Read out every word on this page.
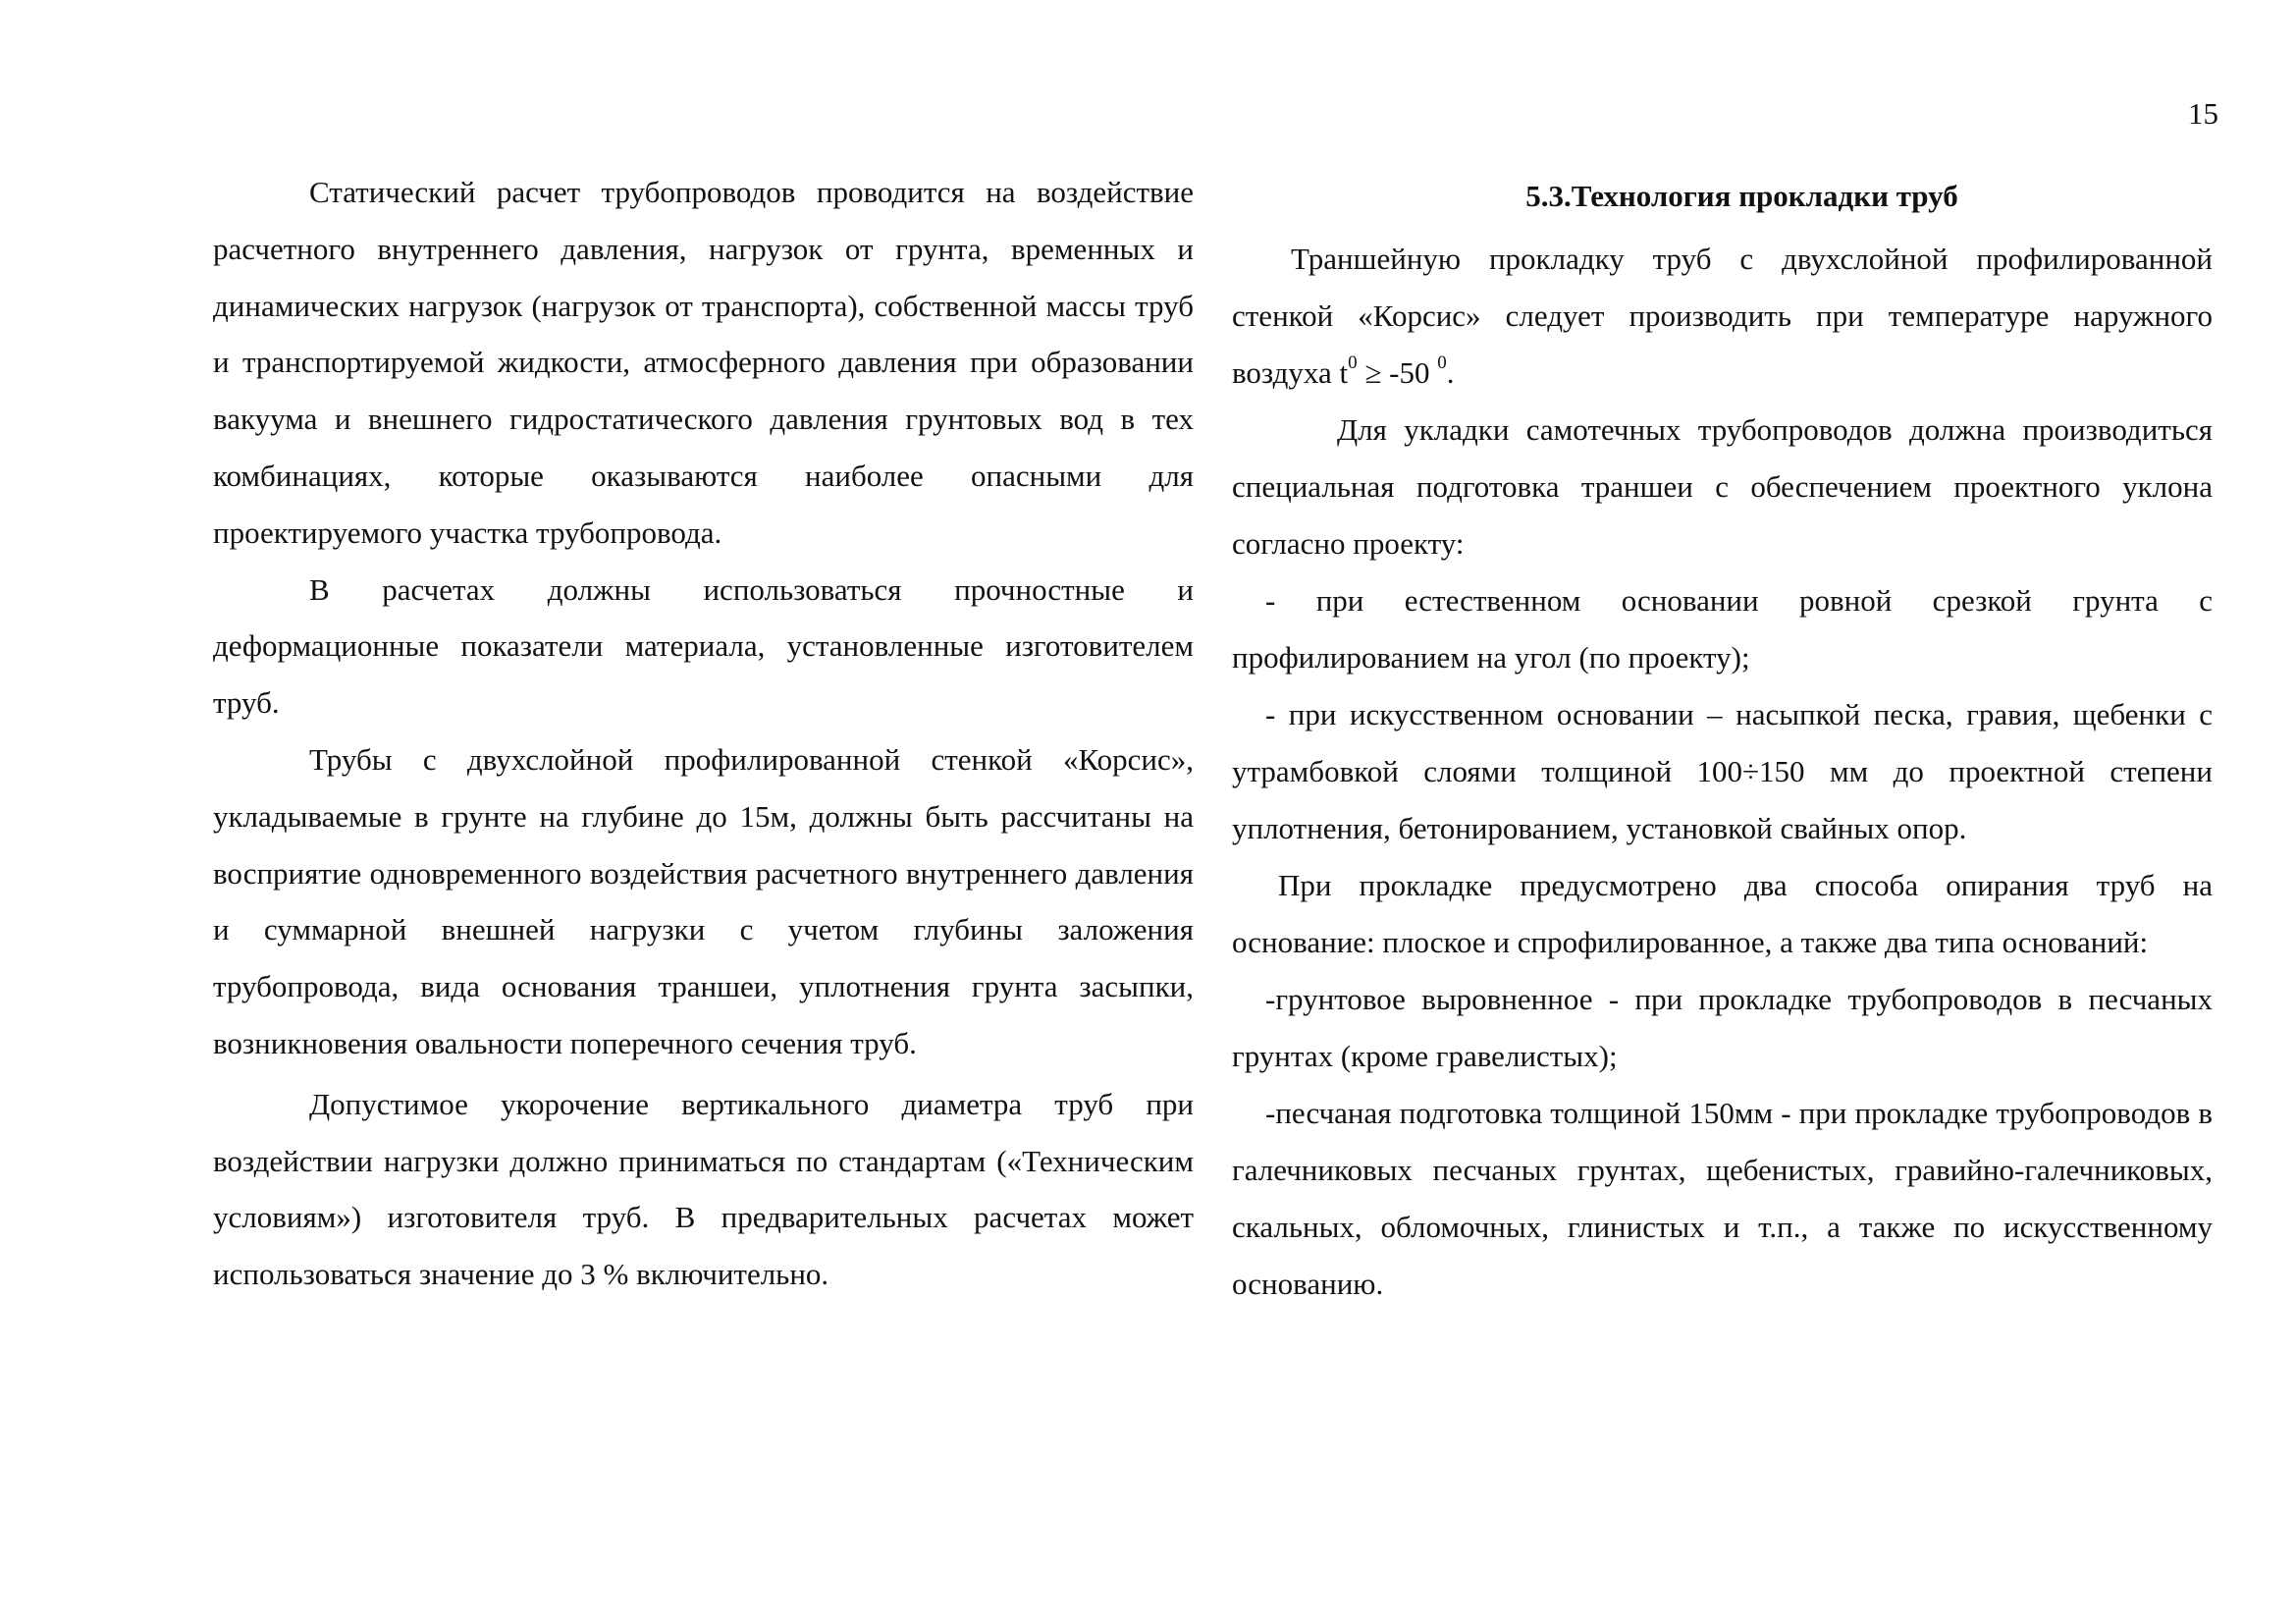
15

Статический расчет трубопроводов проводится на воздействие расчетного внутреннего давления, нагрузок от грунта, временных и динамических нагрузок (нагрузок от транспорта), собственной массы труб и транспортируемой жидкости, атмосферного давления при образовании вакуума и внешнего гидростатического давления грунтовых вод в тех комбинациях, которые оказываются наиболее опасными для проектируемого участка трубопровода.

В расчетах должны использоваться прочностные и деформационные показатели материала, установленные изготовителем труб.

Трубы с двухслойной профилированной стенкой «Корсис», укладываемые в грунте на глубине до 15м, должны быть рассчитаны на восприятие одновременного воздействия расчетного внутреннего давления и суммарной внешней нагрузки с учетом глубины заложения трубопровода, вида основания траншеи, уплотнения грунта засыпки, возникновения овальности поперечного сечения труб.

Допустимое укорочение вертикального диаметра труб при воздействии нагрузки должно приниматься по стандартам («Техническим условиям») изготовителя труб. В предварительных расчетах может использоваться значение до 3 % включительно.

5.3.Технология прокладки труб

Траншейную прокладку труб с двухслойной профилированной стенкой «Корсис» следует производить при температуре наружного воздуха $t^0 \ge -50$ $^0$.

Для укладки самотечных трубопроводов должна производиться специальная подготовка траншеи с обеспечением проектного уклона согласно проекту:

- при естественном основании ровной срезкой грунта с профилированием на угол (по проекту);

- при искусственном основании – насыпкой песка, гравия, щебенки с утрамбовкой слоями толщиной 100÷150 мм до проектной степени уплотнения, бетонированием, установкой свайных опор.

При прокладке предусмотрено два способа опирания труб на основание: плоское и спрофилированное, а также два типа оснований:

-грунтовое выровненное - при прокладке трубопроводов в песчаных грунтах (кроме гравелистых);

-песчаная подготовка толщиной 150мм - при прокладке трубопроводов в галечниковых песчаных грунтах, щебенистых, гравийно-галечниковых, скальных, обломочных, глинистых и т.п., а также по искусственному основанию.
